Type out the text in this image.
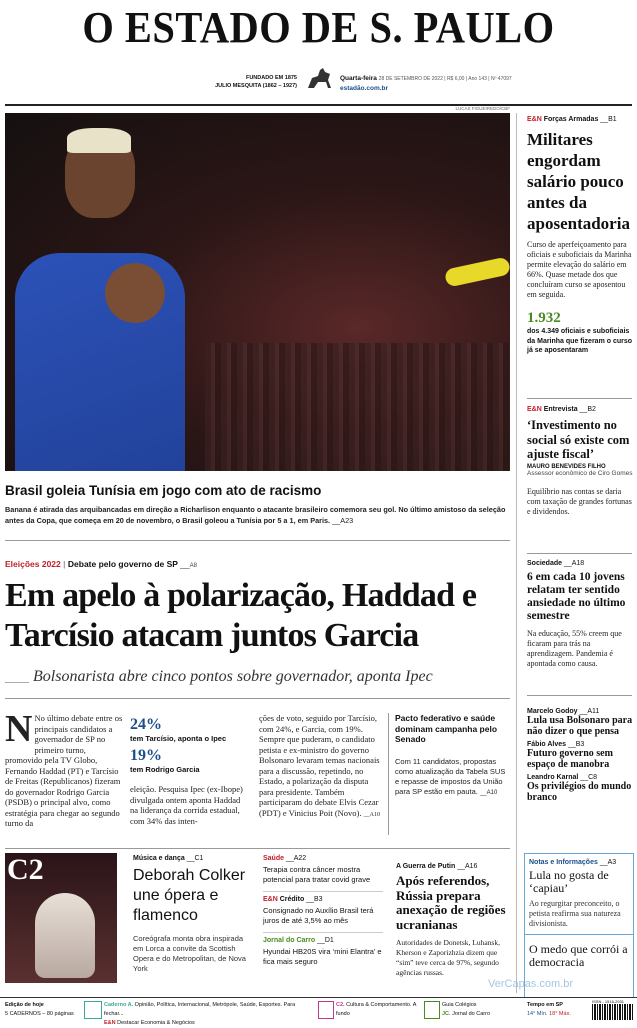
O ESTADO DE S. PAULO
FUNDADO EM 1875
JULIO MESQUITA (1862 – 1927)
Quarta-feira 28 DE SETEMBRO DE 2022 | R$ 6,00 | Ano 143 | Nº 47097
estadão.com.br
LUCAS FIGUEIREDO/CBF
Brasil goleia Tunísia em jogo com ato de racismo
Banana é atirada das arquibancadas em direção a Richarlison enquanto o atacante brasileiro comemora seu gol. No último amistoso da seleção antes da Copa, que começa em 20 de novembro, o Brasil goleou a Tunísia por 5 a 1, em Paris. __A23
Eleições 2022 | Debate pelo governo de SP __A8
Em apelo à polarização, Haddad e Tarcísio atacam juntos Garcia
___ Bolsonarista abre cinco pontos sobre governador, aponta Ipec
N No último debate entre os principais candidatos a governador de SP no primeiro turno, promovido pela TV Globo, Fernando Haddad (PT) e Tarcísio de Freitas (Republicanos) fizeram do governador Rodrigo Garcia (PSDB) o principal alvo, como estratégia para chegar ao segundo turno da
24%
tem Tarcísio, aponta o Ipec
19%
tem Rodrigo Garcia
eleição. Pesquisa Ipec (ex-Ibope) divulgada ontem aponta Haddad na liderança da corrida estadual, com 34% das inten-
ções de voto, seguido por Tarcísio, com 24%, e Garcia, com 19%. Sempre que puderam, o candidato petista e ex-ministro do governo Bolsonaro levaram temas nacionais para a discussão, repetindo, no Estado, a polarização da disputa para presidente. Também participaram do debate Elvis Cezar (PDT) e Vinicius Poit (Novo). __A10
Pacto federativo e saúde dominam campanha pelo Senado
Com 11 candidatos, propostas como atualização da Tabela SUS e repasse de impostos da União para SP estão em pauta. __A10
C2	Música e dança __C1
Deborah Colker une ópera e flamenco
Coreógrafa monta obra inspirada em Lorca a convite da Scottish Opera e do Metropolitan, de Nova York
Saúde __A22
Terapia contra câncer mostra potencial para tratar covid grave
E&N Crédito __B3
Consignado no Auxílio Brasil terá juros de até 3,5% ao mês
Jornal do Carro __D1
Hyundai HB20S vira ‘mini Elantra’ e fica mais seguro
A Guerra de Putin __A16
Após referendos, Rússia prepara anexação de regiões ucranianas
Autoridades de Donetsk, Luhansk, Kherson e Zaporizhzia dizem que “sim” teve cerca de 97%, segundo agências russas.
E&N Forças Armadas __B1
Militares engordam salário pouco antes da aposentadoria
Curso de aperfeiçoamento para oficiais e suboficiais da Marinha permite elevação do salário em 66%. Quase metade dos que concluíram curso se aposentou em seguida.
1.932
dos 4.349 oficiais e suboficiais da Marinha que fizeram o curso já se aposentaram
E&N Entrevista __B2
‘Investimento no social só existe com ajuste fiscal’
MAURO BENEVIDES FILHO
Assessor econômico de Ciro Gomes
Equilíbrio nas contas se daria com taxação de grandes fortunas e dividendos.
Sociedade __A18
6 em cada 10 jovens relatam ter sentido ansiedade no último semestre
Na educação, 55% creem que ficaram para trás na aprendizagem. Pandemia é apontada como causa.
Marcelo Godoy __A11
Lula usa Bolsonaro para não dizer o que pensa
Fábio Alves __B3
Futuro governo sem espaço de manobra
Leandro Karnal __C8
Os privilégios do mundo branco
Notas e Informações __A3
Lula no gosta de ‘capiau’
Ao regurgitar preconceito, o petista reafirma sua natureza divisionista.
O medo que corrói a democracia
Edição de hoje
5 CADERNOS – 80 páginas
Caderno A. Opinião, Política, Internacional, Metrópole, Saúde, Esportes. Para fechar...
E&N Destacar Economia & Negócios
C2. Cultura & Comportamento. A fundo
Guia Colégios
JC. Jornal do Carro
Tempo em SP
14° Mín. 18° Máx.
ISSN - 1516-2931
VerCapas.com.br
